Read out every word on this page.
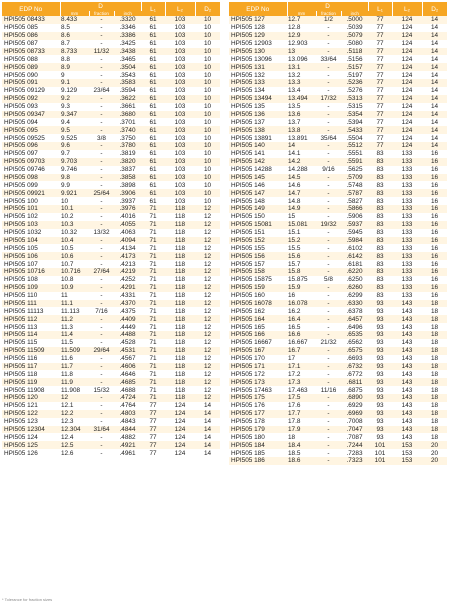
EDP No	D			L₁	L₂	D₂
	mm	fraction	inch			
HPI505 08433	8.433	-	.3320	61	103	10
HPI505 085	8.5	-	.3346	61	103	10
HPI505 086	8.6	-	.3386	61	103	10
HPI505 087	8.7	-	.3425	61	103	10
HPI505 08733	8.733	11/32	.3438	61	103	10
HPI505 088	8.8	-	.3465	61	103	10
HPI505 089	8.9	-	.3504	61	103	10
HPI505 090	9	-	.3543	61	103	10
HPI505 091	9.1	-	.3583	61	103	10
HPI505 09129	9.129	23/64	.3594	61	103	10
HPI505 092	9.2	-	.3622	61	103	10
HPI505 093	9.3	-	.3661	61	103	10
HPI505 09347	9.347	-	.3680	61	103	10
HPI505 094	9.4	-	.3701	61	103	10
HPI505 095	9.5	-	.3740	61	103	10
HPI505 09525	9.525	3/8	.3750	61	103	10
HPI505 096	9.6	-	.3780	61	103	10
HPI505 097	9.7	-	.3819	61	103	10
HPI505 09703	9.703	-	.3820	61	103	10
HPI505 09746	9.746	-	.3837	61	103	10
HPI505 098	9.8	-	.3858	61	103	10
HPI505 099	9.9	-	.3898	61	103	10
HPI505 09921	9.921	25/64	.3906	61	103	10
HPI505 100	10	-	.3937	61	103	10
HPI505 101	10.1	-	.3976	71	118	12
HPI505 102	10.2	-	.4016	71	118	12
HPI505 103	10.3	-	.4055	71	118	12
HPI505 1032	10.32	13/32	.4063	71	118	12
HPI505 104	10.4	-	.4094	71	118	12
HPI505 105	10.5	-	.4134	71	118	12
HPI505 106	10.6	-	.4173	71	118	12
HPI505 107	10.7	-	.4213	71	118	12
HPI505 10716	10.716	27/64	.4219	71	118	12
HPI505 108	10.8	-	.4252	71	118	12
HPI505 109	10.9	-	.4291	71	118	12
HPI505 110	11	-	.4331	71	118	12
HPI505 111	11.1	-	.4370	71	118	12
HPI505 11113	11.113	7/16	.4375	71	118	12
HPI505 112	11.2	-	.4409	71	118	12
HPI505 113	11.3	-	.4449	71	118	12
HPI505 114	11.4	-	.4488	71	118	12
HPI505 115	11.5	-	.4528	71	118	12
HPI505 11509	11.509	29/64	.4531	71	118	12
HPI505 116	11.6	-	.4567	71	118	12
HPI505 117	11.7	-	.4606	71	118	12
HPI505 118	11.8	-	.4646	71	118	12
HPI505 119	11.9	-	.4685	71	118	12
HPI505 11908	11.908	15/32	.4688	71	118	12
HPI505 120	12	-	.4724	71	118	12
HPI505 121	12.1	-	.4764	77	124	14
HPI505 122	12.2	-	.4803	77	124	14
HPI505 123	12.3	-	.4843	77	124	14
HPI505 12304	12.304	31/64	.4844	77	124	14
HPI505 124	12.4	-	.4882	77	124	14
HPI505 125	12.5	-	.4921	77	124	14
HPI505 126	12.6	-	.4961	77	124	14
EDP No	D			L₁	L₂	D₂
	mm	fraction	inch			
HPI505 127	12.7	1/2	.5000	77	124	14
HPI505 128	12.8	-	.5039	77	124	14
HPI505 129	12.9	-	.5079	77	124	14
HPI505 12903	12.903	-	.5080	77	124	14
HPI505 130	13	-	.5118	77	124	14
HPI505 13096	13.096	33/64	.5156	77	124	14
HPI505 131	13.1	-	.5157	77	124	14
HPI505 132	13.2	-	.5197	77	124	14
HPI505 133	13.3	-	.5236	77	124	14
HPI505 134	13.4	-	.5276	77	124	14
HPI505 13494	13.494	17/32	.5313	77	124	14
HPI505 135	13.5	-	.5315	77	124	14
HPI505 136	13.6	-	.5354	77	124	14
HPI505 137	13.7	-	.5394	77	124	14
HPI505 138	13.8	-	.5433	77	124	14
HPI505 13891	13.891	35/64	.5504	77	124	14
HPI505 140	14	-	.5512	77	124	14
HPI505 141	14.1	-	.5551	83	133	16
HPI505 142	14.2	-	.5591	83	133	16
HPI505 14288	14.288	9/16	.5625	83	133	16
HPI505 145	14.5	-	.5709	83	133	16
HPI505 146	14.6	-	.5748	83	133	16
HPI505 147	14.7	-	.5787	83	133	16
HPI505 148	14.8	-	.5827	83	133	16
HPI505 149	14.9	-	.5866	83	133	16
HPI505 150	15	-	.5906	83	133	16
HPI505 15081	15.081	19/32	.5937	83	133	16
HPI505 151	15.1	-	.5945	83	133	16
HPI505 152	15.2	-	.5984	83	133	16
HPI505 155	15.5	-	.6102	83	133	16
HPI505 156	15.6	-	.6142	83	133	16
HPI505 157	15.7	-	.6181	83	133	16
HPI505 158	15.8	-	.6220	83	133	16
HPI505 15875	15.875	5/8	.6250	83	133	16
HPI505 159	15.9	-	.6260	83	133	16
HPI505 160	16	-	.6299	83	133	16
HPI505 16078	16.078	-	.6330	93	143	18
HPI505 162	16.2	-	.6378	93	143	18
HPI505 164	16.4	-	.6457	93	143	18
HPI505 165	16.5	-	.6496	93	143	18
HPI505 166	16.6	-	.6535	93	143	18
HPI505 16667	16.667	21/32	.6562	93	143	18
HPI505 167	16.7	-	.6575	93	143	18
HPI505 170	17	-	.6693	93	143	18
HPI505 171	17.1	-	.6732	93	143	18
HPI505 172	17.2	-	.6772	93	143	18
HPI505 173	17.3	-	.6811	93	143	18
HPI505 17463	17.463	11/16	.6875	93	143	18
HPI505 175	17.5	-	.6890	93	143	18
HPI505 176	17.6	-	.6929	93	143	18
HPI505 177	17.7	-	.6969	93	143	18
HPI505 178	17.8	-	.7008	93	143	18
HPI505 179	17.9	-	.7047	93	143	18
HPI505 180	18	-	.7087	93	143	18
HPI505 184	18.4	-	.7244	101	153	20
HPI505 185	18.5	-	.7283	101	153	20
HPI505 186	18.6	-	.7323	101	153	20
* Tolerance for fraction sizes
